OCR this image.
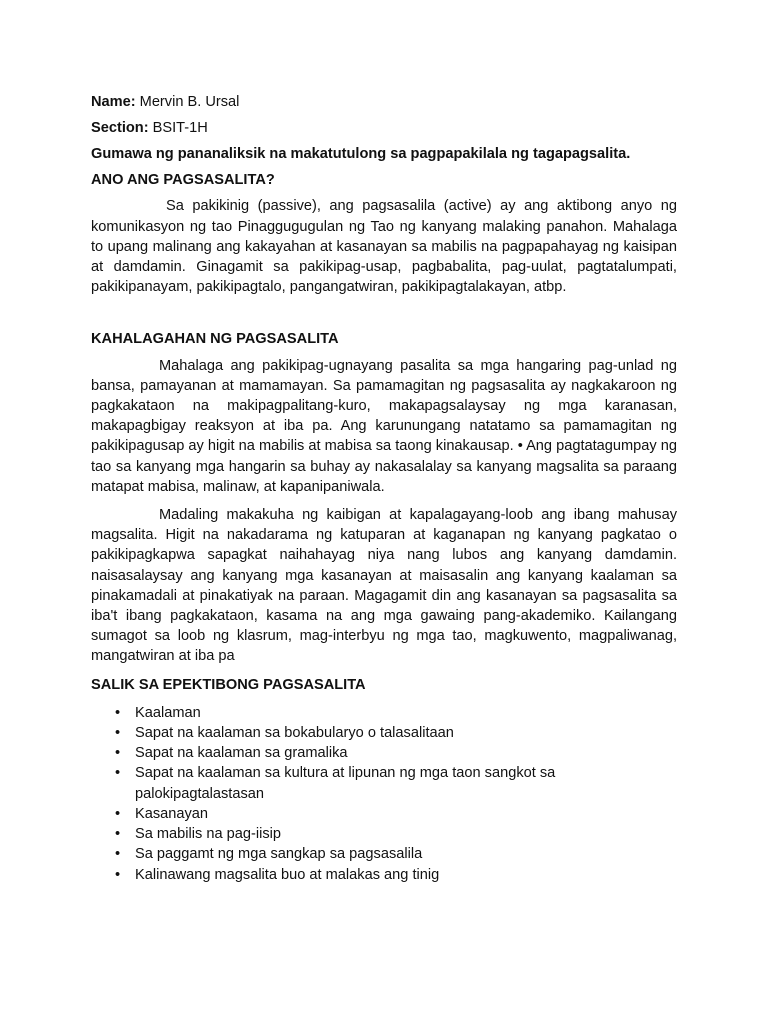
Name: Mervin B. Ursal
Section: BSIT-1H
Gumawa ng pananaliksik na makatutulong sa pagpapakilala ng tagapagsalita.
ANO ANG PAGSASALITA?

Sa pakikinig (passive), ang pagsasalila (active) ay ang aktibong anyo ng komunikasyon ng tao Pinaggugugulan ng Tao ng kanyang malaking panahon. Mahalaga to upang malinang ang kakayahan at kasanayan sa mabilis na pagpapahayag ng kaisipan at damdamin. Ginagamit sa pakikipag-usap, pagbabalita, pag-uulat, pagtatalumpati, pakikipanayam, pakikipagtalo, pangangatwiran, pakikipagtalakayan, atbp.

KAHALAGAHAN NG PAGSASALITA

Mahalaga ang pakikipag-ugnayang pasalita sa mga hangaring pag-unlad ng bansa, pamayanan at mamamayan. Sa pamamagitan ng pagsasalita ay nagkakaroon ng pagkakataon na makipagpalitang-kuro, makapagsalaysay ng mga karanasan, makapagbigay reaksyon at iba pa. Ang karunungang natatamo sa pamamagitan ng pakikipagusap ay higit na mabilis at mabisa sa taong kinakausap. • Ang pagtatagumpay ng tao sa kanyang mga hangarin sa buhay ay nakasalalay sa kanyang magsalita sa paraang matapat mabisa, malinaw, at kapanipaniwala.

Madaling makakuha ng kaibigan at kapalagayang-loob ang ibang mahusay magsalita. Higit na nakadarama ng katuparan at kaganapan ng kanyang pagkatao o pakikipagkapwa sapagkat naihahayag niya nang lubos ang kanyang damdamin. naisasalaysay ang kanyang mga kasanayan at maisasalin ang kanyang kaalaman sa pinakamadali at pinakatiyak na paraan. Magagamit din ang kasanayan sa pagsasalita sa iba't ibang pagkakataon, kasama na ang mga gawaing pang-akademiko. Kailangang sumagot sa loob ng klasrum, mag-interbyu ng mga tao, magkuwento, magpaliwanag, mangatwiran at iba pa

SALIK SA EPEKTIBONG PAGSASALITA
• Kaalaman
• Sapat na kaalaman sa bokabularyo o talasalitaan
• Sapat na kaalaman sa gramalika
• Sapat na kaalaman sa kultura at lipunan ng mga taon sangkot sa palokipagtalastasan
• Kasanayan
• Sa mabilis na pag-iisip
• Sa paggamt ng mga sangkap sa pagsasalila
• Kalinawang magsalita buo at malakas ang tinig
